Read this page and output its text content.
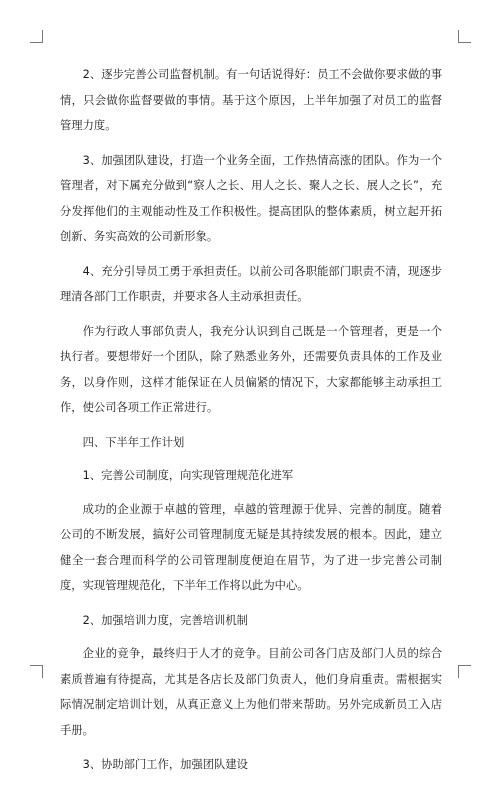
2、逐步完善公司监督机制。有一句话说得好：员工不会做你要求做的事情，只会做你监督要做的事情。基于这个原因，上半年加强了对员工的监督管理力度。

3、加强团队建设，打造一个业务全面，工作热情高涨的团队。作为一个管理者，对下属充分做到“察人之长、用人之长、聚人之长、展人之长”，充分发挥他们的主观能动性及工作积极性。提高团队的整体素质，树立起开拓创新、务实高效的公司新形象。

4、充分引导员工勇于承担责任。以前公司各职能部门职责不清，现逐步理清各部门工作职责，并要求各人主动承担责任。

作为行政人事部负责人，我充分认识到自己既是一个管理者，更是一个执行者。要想带好一个团队，除了熟悉业务外，还需要负责具体的工作及业务，以身作则，这样才能保证在人员偏紧的情况下，大家都能够主动承担工作，使公司各项工作正常进行。

四、下半年工作计划

1、完善公司制度，向实现管理规范化进军

成功的企业源于卓越的管理，卓越的管理源于优异、完善的制度。随着公司的不断发展，搞好公司管理制度无疑是其持续发展的根本。因此，建立健全一套合理而科学的公司管理制度便迫在眉节，为了进一步完善公司制度，实现管理规范化，下半年工作将以此为中心。

2、加强培训力度，完善培训机制

企业的竞争，最终归于人才的竞争。目前公司各门店及部门人员的综合素质普遍有待提高，尤其是各店长及部门负责人，他们身肩重责。需根据实际情况制定培训计划，从真正意义上为他们带来帮助。另外完成新员工入店手册。

3、协助部门工作，加强团队建设
